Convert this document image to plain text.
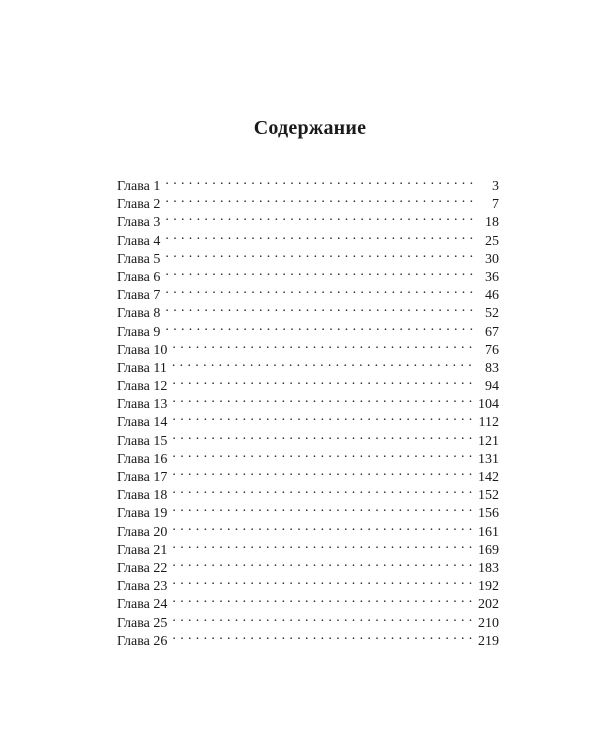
Содержание
Глава 1 . . .	3
Глава 2 . . .	7
Глава 3 . . .	18
Глава 4 . . .	25
Глава 5 . . .	30
Глава 6 . . .	36
Глава 7 . . .	46
Глава 8 . . .	52
Глава 9 . . .	67
Глава 10 . . .	76
Глава 11 . . .	83
Глава 12 . . .	94
Глава 13 . . .	104
Глава 14 . . .	112
Глава 15 . . .	121
Глава 16 . . .	131
Глава 17 . . .	142
Глава 18 . . .	152
Глава 19 . . .	156
Глава 20 . . .	161
Глава 21 . . .	169
Глава 22 . . .	183
Глава 23 . . .	192
Глава 24 . . .	202
Глава 25 . . .	210
Глава 26 . . .	219
